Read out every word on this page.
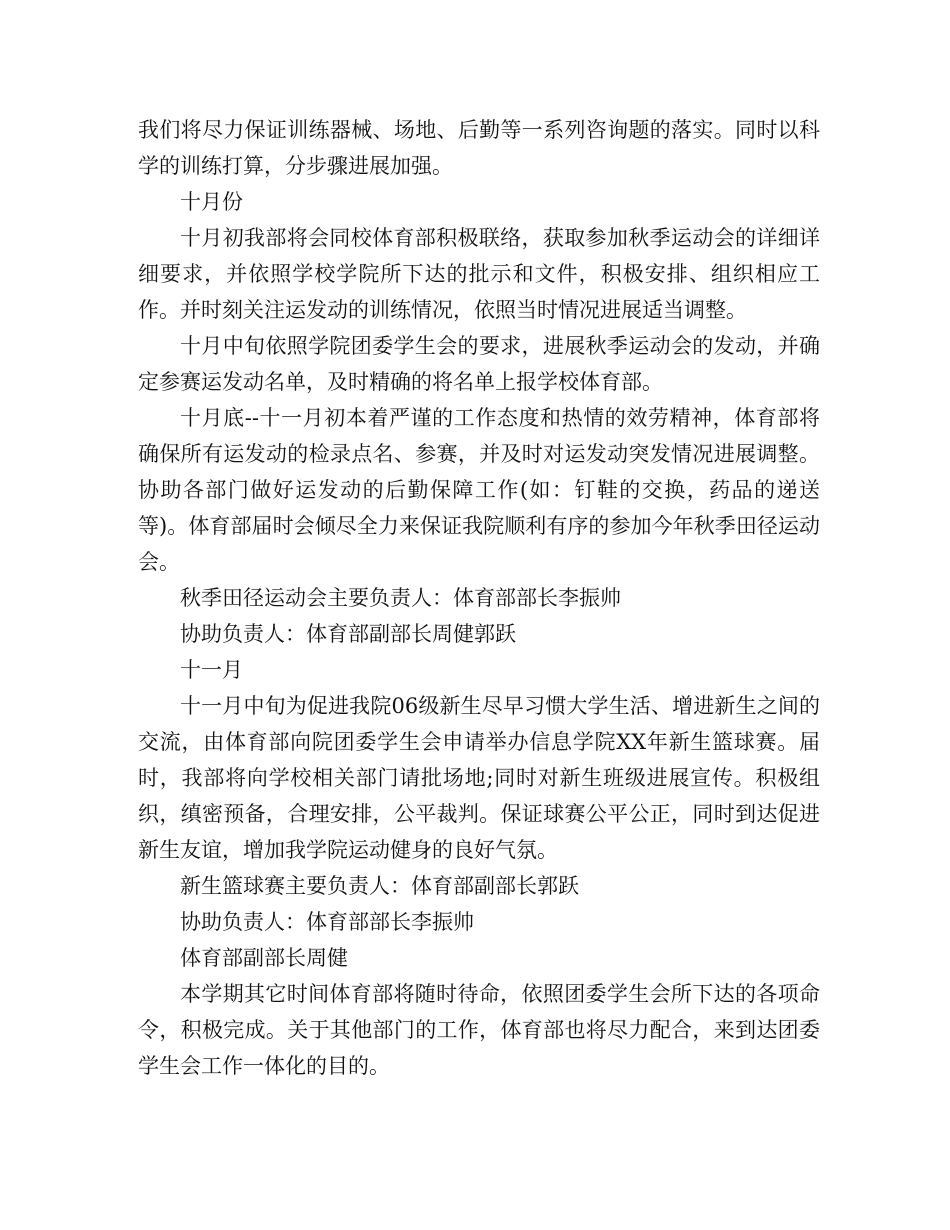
我们将尽力保证训练器械、场地、后勤等一系列咨询题的落实。同时以科学的训练打算，分步骤进展加强。

十月份

十月初我部将会同校体育部积极联络，获取参加秋季运动会的详细详细要求，并依照学校学院所下达的批示和文件，积极安排、组织相应工作。并时刻关注运发动的训练情况，依照当时情况进展适当调整。

十月中旬依照学院团委学生会的要求，进展秋季运动会的发动，并确定参赛运发动名单，及时精确的将名单上报学校体育部。

十月底--十一月初本着严谨的工作态度和热情的效劳精神，体育部将确保所有运发动的检录点名、参赛，并及时对运发动突发情况进展调整。协助各部门做好运发动的后勤保障工作(如：钉鞋的交换，药品的递送等)。体育部届时会倾尽全力来保证我院顺利有序的参加今年秋季田径运动会。

秋季田径运动会主要负责人：体育部部长李振帅

协助负责人：体育部副部长周健郭跃

十一月

十一月中旬为促进我院06级新生尽早习惯大学生活、增进新生之间的交流，由体育部向院团委学生会申请举办信息学院XX年新生篮球赛。届时，我部将向学校相关部门请批场地;同时对新生班级进展宣传。积极组织，缜密预备，合理安排，公平裁判。保证球赛公平公正，同时到达促进新生友谊，增加我学院运动健身的良好气氛。

新生篮球赛主要负责人：体育部副部长郭跃

协助负责人：体育部部长李振帅

体育部副部长周健

本学期其它时间体育部将随时待命，依照团委学生会所下达的各项命令，积极完成。关于其他部门的工作，体育部也将尽力配合，来到达团委学生会工作一体化的目的。
